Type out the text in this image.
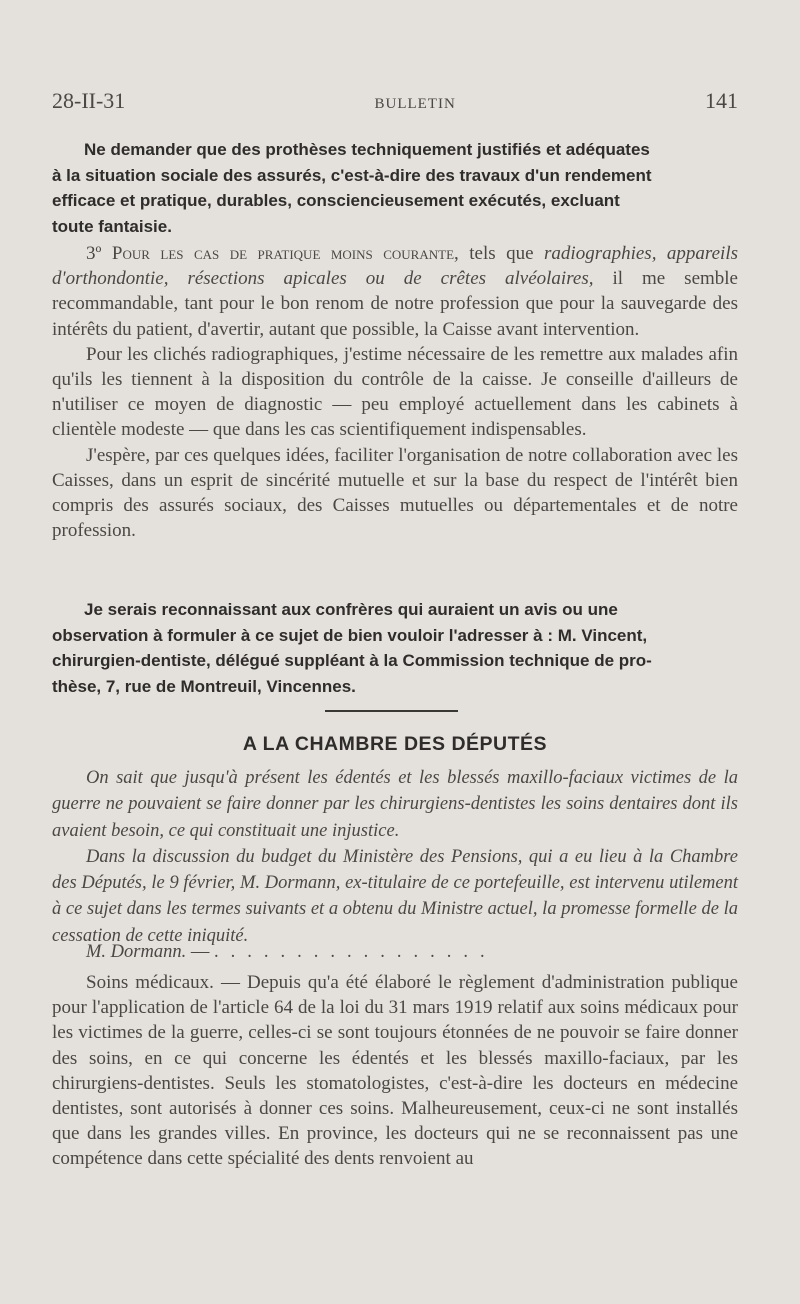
28-II-31	BULLETIN	141
Ne demander que des prothèses techniquement justifiés et adéquates
à la situation sociale des assurés, c'est-à-dire des travaux d'un rendement
efficace et pratique, durables, consciencieusement exécutés, excluant
toute fantaisie.

3º Pour les cas de pratique moins courante, tels que radiographies, appareils d'orthondontie, résections apicales ou de crêtes alvéolaires, il me semble recommandable, tant pour le bon renom de notre profession que pour la sauvegarde des intérêts du patient, d'avertir, autant que possible, la Caisse avant intervention.

Pour les clichés radiographiques, j'estime nécessaire de les remettre aux malades afin qu'ils les tiennent à la disposition du contrôle de la caisse. Je conseille d'ailleurs de n'utiliser ce moyen de diagnostic — peu employé actuellement dans les cabinets à clientèle modeste — que dans les cas scientifiquement indispensables.

J'espère, par ces quelques idées, faciliter l'organisation de notre collaboration avec les Caisses, dans un esprit de sincérité mutuelle et sur la base du respect de l'intérêt bien compris des assurés sociaux, des Caisses mutuelles ou départementales et de notre profession.

Je serais reconnaissant aux confrères qui auraient un avis ou une
observation à formuler à ce sujet de bien vouloir l'adresser à : M. Vincent,
chirurgien-dentiste, délégué suppléant à la Commission technique de pro-
thèse, 7, rue de Montreuil, Vincennes.
A LA CHAMBRE DES DÉPUTÉS

On sait que jusqu'à présent les édentés et les blessés maxillo-faciaux victimes de la guerre ne pouvaient se faire donner par les chirurgiens-dentistes les soins dentaires dont ils avaient besoin, ce qui constituait une injustice.

Dans la discussion du budget du Ministère des Pensions, qui a eu lieu à la Chambre des Députés, le 9 février, M. Dormann, ex-titulaire de ce portefeuille, est intervenu utilement à ce sujet dans les termes suivants et a obtenu du Ministre actuel, la promesse formelle de la cessation de cette iniquité.

M. Dormann. — .................

Soins médicaux. — Depuis qu'a été élaboré le règlement d'administration publique pour l'application de l'article 64 de la loi du 31 mars 1919 relatif aux soins médicaux pour les victimes de la guerre, celles-ci se sont toujours étonnées de ne pouvoir se faire donner des soins, en ce qui concerne les édentés et les blessés maxillo-faciaux, par les chirurgiens-dentistes. Seuls les stomatologistes, c'est-à-dire les docteurs en médecine dentistes, sont autorisés à donner ces soins. Malheureusement, ceux-ci ne sont installés que dans les grandes villes. En province, les docteurs qui ne se reconnaissent pas une compétence dans cette spécialité des dents renvoient au
